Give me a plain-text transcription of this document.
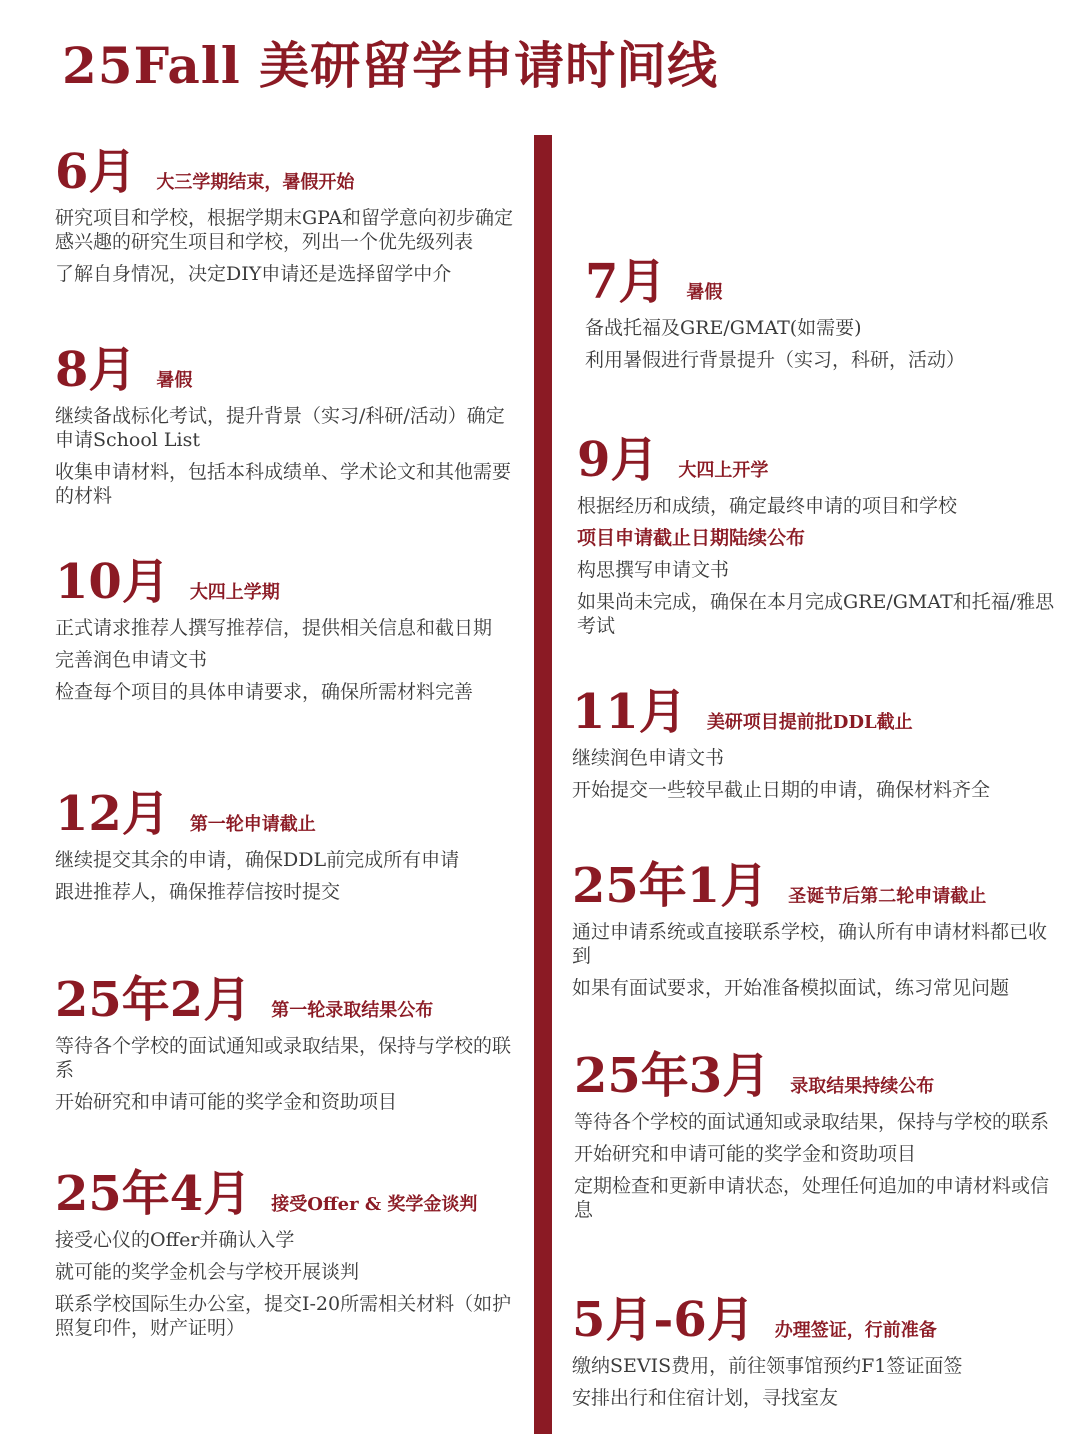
25Fall 美研留学申请时间线
6月 大三学期结束，暑假开始
研究项目和学校，根据学期末GPA和留学意向初步确定感兴趣的研究生项目和学校，列出一个优先级列表
了解自身情况，决定DIY申请还是选择留学中介
8月 暑假
继续备战标化考试，提升背景（实习/科研/活动）确定申请School List
收集申请材料，包括本科成绩单、学术论文和其他需要的材料
10月 大四上学期
正式请求推荐人撰写推荐信，提供相关信息和截日期
完善润色申请文书
检查每个项目的具体申请要求，确保所需材料完善
12月 第一轮申请截止
继续提交其余的申请，确保DDL前完成所有申请
跟进推荐人，确保推荐信按时提交
25年2月 第一轮录取结果公布
等待各个学校的面试通知或录取结果，保持与学校的联系
开始研究和申请可能的奖学金和资助项目
25年4月 接受Offer & 奖学金谈判
接受心仪的Offer并确认入学
就可能的奖学金机会与学校开展谈判
联系学校国际生办公室，提交I-20所需相关材料（如护照复印件，财产证明）
7月 暑假
备战托福及GRE/GMAT(如需要)
利用暑假进行背景提升（实习，科研，活动）
9月 大四上开学
根据经历和成绩，确定最终申请的项目和学校
项目申请截止日期陆续公布
构思撰写申请文书
如果尚未完成，确保在本月完成GRE/GMAT和托福/雅思考试
11月 美研项目提前批DDL截止
继续润色申请文书
开始提交一些较早截止日期的申请，确保材料齐全
25年1月 圣诞节后第二轮申请截止
通过申请系统或直接联系学校，确认所有申请材料都已收到
如果有面试要求，开始准备模拟面试，练习常见问题
25年3月 录取结果持续公布
等待各个学校的面试通知或录取结果，保持与学校的联系
开始研究和申请可能的奖学金和资助项目
定期检查和更新申请状态，处理任何追加的申请材料或信息
5月-6月 办理签证，行前准备
缴纳SEVIS费用，前往领事馆预约F1签证面签
安排出行和住宿计划，寻找室友
